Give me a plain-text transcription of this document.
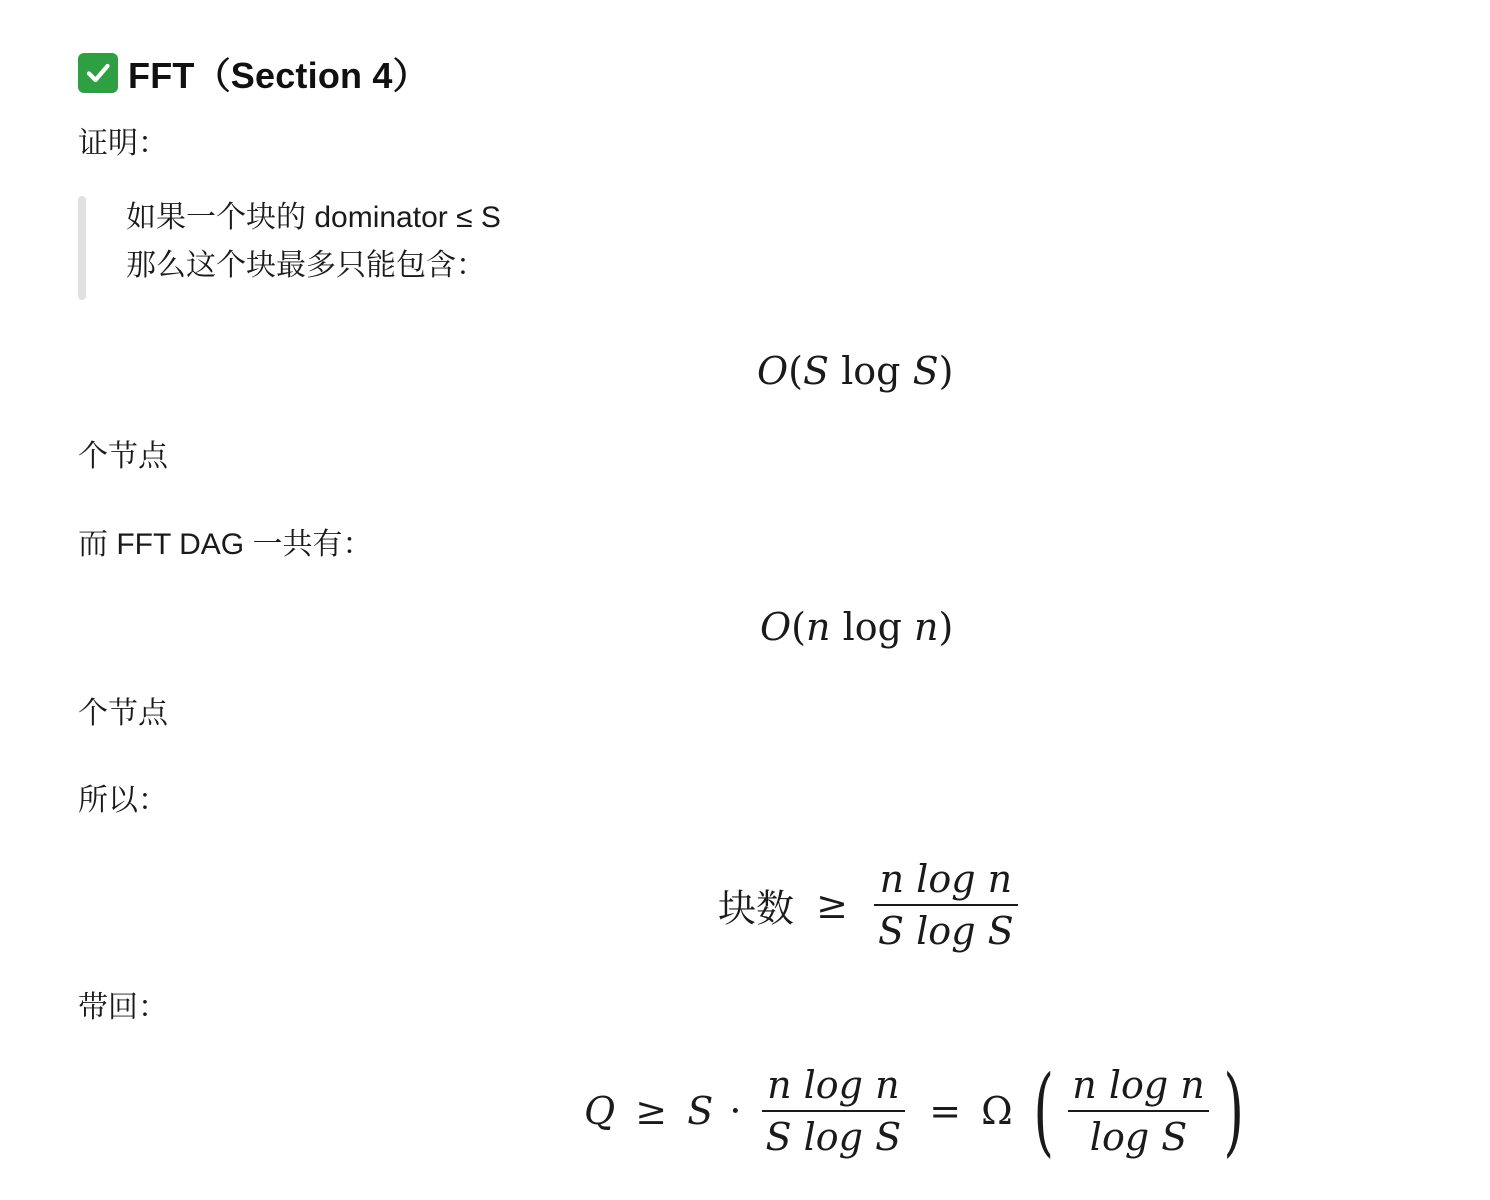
FFT（Section 4）
证明：
如果一个块的 dominator ≤ S
那么这个块最多只能包含：
O(S log S)
个节点
而 FFT DAG 一共有：
O(n log n)
个节点
所以：
块数 ≥ $\frac{\text{n log n}}{\text{S log S}}$
带回：
$Q \ge S \cdot \frac{\text{n log n}}{\text{S log S}} = \Omega$ ( $\frac{\text{n log n}}{\text{log S}}$ )
